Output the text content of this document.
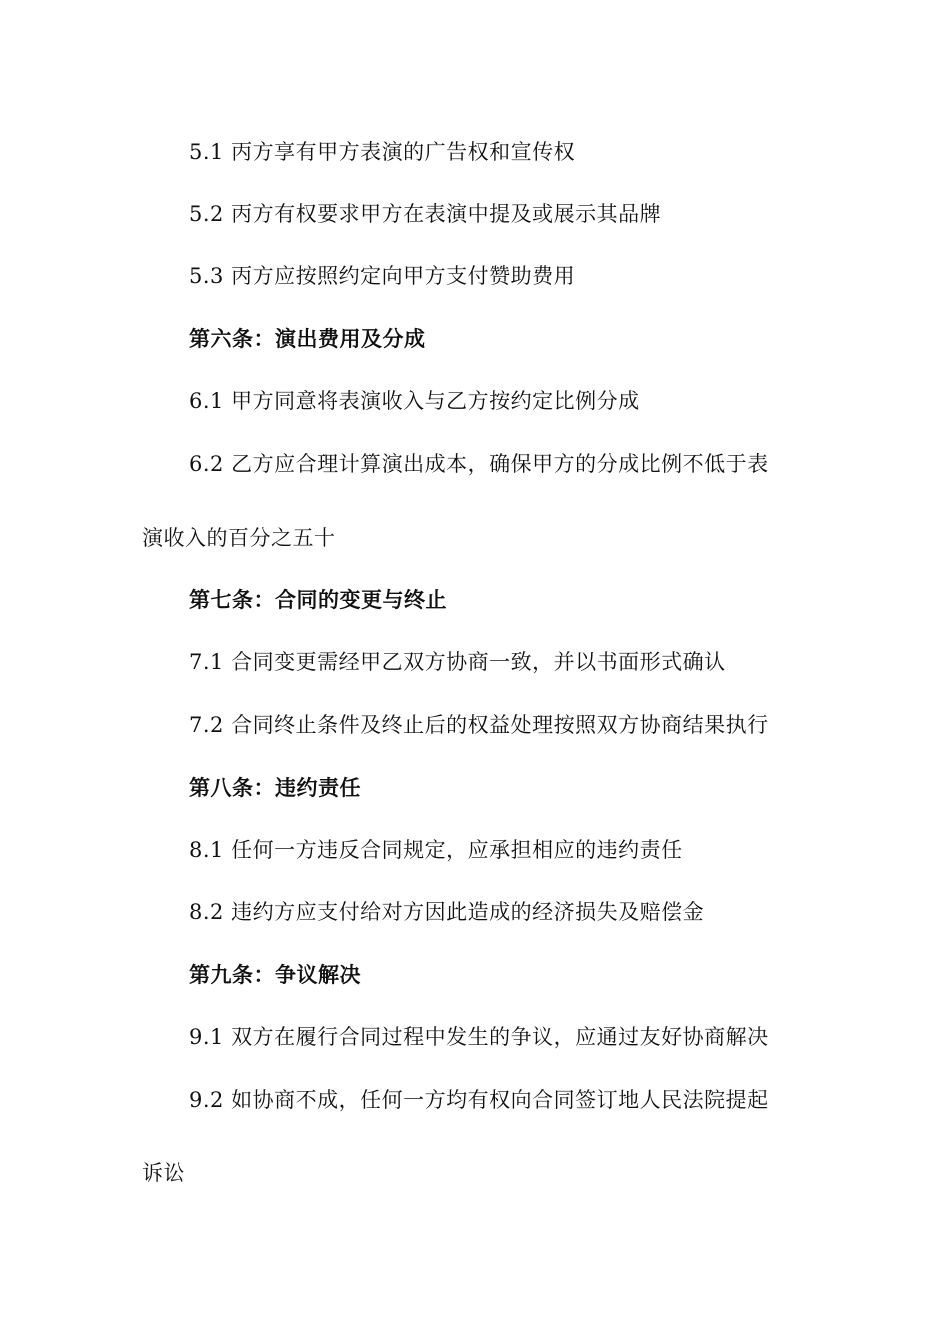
5.1 丙方享有甲方表演的广告权和宣传权
5.2 丙方有权要求甲方在表演中提及或展示其品牌
5.3 丙方应按照约定向甲方支付赞助费用
第六条：演出费用及分成
6.1 甲方同意将表演收入与乙方按约定比例分成
6.2 乙方应合理计算演出成本，确保甲方的分成比例不低于表
演收入的百分之五十
第七条：合同的变更与终止
7.1 合同变更需经甲乙双方协商一致，并以书面形式确认
7.2 合同终止条件及终止后的权益处理按照双方协商结果执行
第八条：违约责任
8.1 任何一方违反合同规定，应承担相应的违约责任
8.2 违约方应支付给对方因此造成的经济损失及赔偿金
第九条：争议解决
9.1 双方在履行合同过程中发生的争议，应通过友好协商解决
9.2 如协商不成，任何一方均有权向合同签订地人民法院提起
诉讼
